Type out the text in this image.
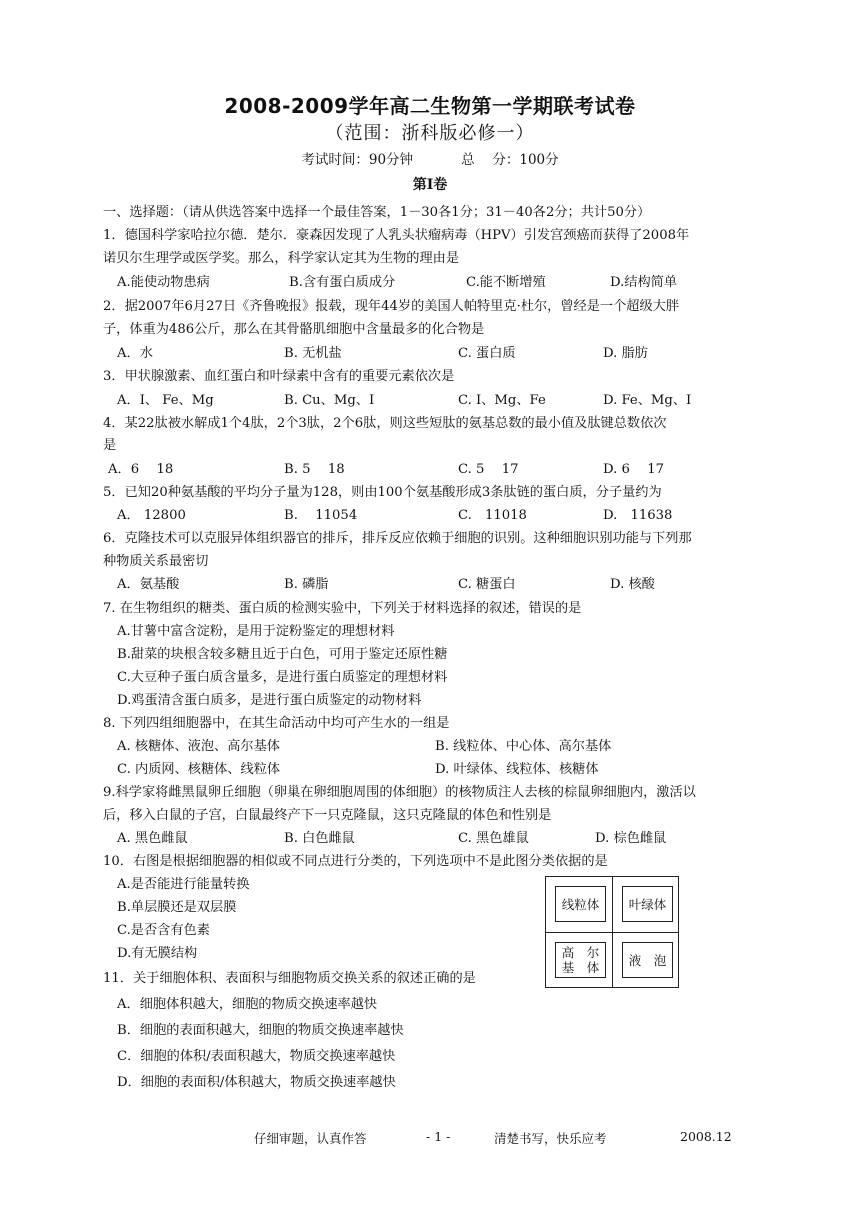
2008-2009学年高二生物第一学期联考试卷
（范围：浙科版必修一）
考试时间：90分钟	总　 分：100分
第Ⅰ卷
一、选择题：（请从供选答案中选择一个最佳答案，1－30各1分；31－40各2分；共计50分）
1．德国科学家哈拉尔德．楚尔．豪森因发现了人乳头状瘤病毒（HPV）引发宫颈癌而获得了2008年
诺贝尔生理学或医学奖。那么，科学家认定其为生物的理由是
A.能使动物患病	B.含有蛋白质成分	C.能不断增殖	D.结构简单
2．据2007年6月27日《齐鲁晚报》报载，现年44岁的美国人帕特里克·杜尔，曾经是一个超级大胖
子，体重为486公斤，那么在其骨骼肌细胞中含量最多的化合物是
A．水	B. 无机盐	C. 蛋白质	D. 脂肪
3．甲状腺激素、血红蛋白和叶绿素中含有的重要元素依次是
A．I、 Fe、Mg	B. Cu、Mg、I	C. I、Mg、Fe	D. Fe、Mg、I
4．某22肽被水解成1个4肽，2个3肽，2个6肽，则这些短肽的氨基总数的最小值及肽键总数依次
是
A．6　 18	B. 5　 18	C. 5　 17	D. 6　 17
5．已知20种氨基酸的平均分子量为128，则由100个氨基酸形成3条肽链的蛋白质，分子量约为
A． 12800	B.　 11054	C.　11018	D.　11638
6．克隆技术可以克服异体组织器官的排斥，排斥反应依赖于细胞的识别。这种细胞识别功能与下列那
种物质关系最密切
A．氨基酸	B. 磷脂	C. 糖蛋白	D. 核酸
7. 在生物组织的糖类、蛋白质的检测实验中，下列关于材料选择的叙述，错误的是
A.甘薯中富含淀粉，是用于淀粉鉴定的理想材料
B.甜菜的块根含较多糖且近于白色，可用于鉴定还原性糖
C.大豆种子蛋白质含量多，是进行蛋白质鉴定的理想材料
D.鸡蛋清含蛋白质多，是进行蛋白质鉴定的动物材料
8. 下列四组细胞器中，在其生命活动中均可产生水的一组是
A. 核糖体、液泡、高尔基体	B. 线粒体、中心体、高尔基体
C. 内质网、核糖体、线粒体	D. 叶绿体、线粒体、核糖体
9.科学家将雌黑鼠卵丘细胞（卵巢在卵细胞周围的体细胞）的核物质注人去核的棕鼠卵细胞内，激活以
后，移入白鼠的子宫，白鼠最终产下一只克隆鼠，这只克隆鼠的体色和性别是
A. 黑色雌鼠	B. 白色雌鼠	C. 黑色雄鼠	D. 棕色雌鼠
10．右图是根据细胞器的相似或不同点进行分类的，下列选项中不是此图分类依据的是
A.是否能进行能量转换
B.单层膜还是双层膜
C.是否含有色素
D.有无膜结构
线粒体	叶绿体
高　尔
基　体	液　泡
11．关于细胞体积、表面积与细胞物质交换关系的叙述正确的是
A．细胞体积越大，细胞的物质交换速率越快
B．细胞的表面积越大，细胞的物质交换速率越快
C．细胞的体积/表面积越大，物质交换速率越快
D．细胞的表面积/体积越大，物质交换速率越快
仔细审题，认真作答	- 1 -	清楚书写，快乐应考	2008.12
